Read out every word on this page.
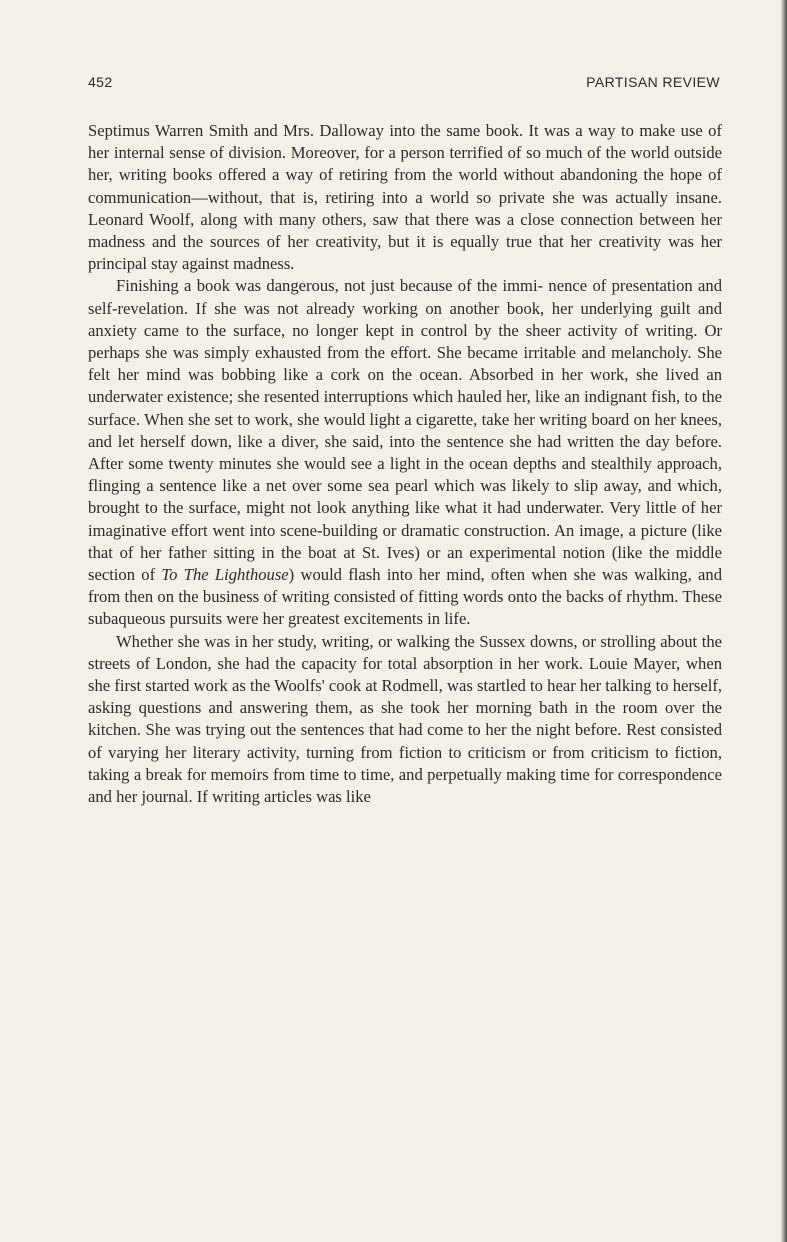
452	PARTISAN REVIEW

Septimus Warren Smith and Mrs. Dalloway into the same book. It was a way to make use of her internal sense of division. Moreover, for a person terrified of so much of the world outside her, writing books offered a way of retiring from the world without abandoning the hope of communication—without, that is, retiring into a world so private she was actually insane. Leonard Woolf, along with many others, saw that there was a close connection between her madness and the sources of her creativity, but it is equally true that her creativity was her principal stay against madness.

Finishing a book was dangerous, not just because of the immi- nence of presentation and self-revelation. If she was not already working on another book, her underlying guilt and anxiety came to the surface, no longer kept in control by the sheer activity of writing. Or perhaps she was simply exhausted from the effort. She became irritable and melancholy. She felt her mind was bobbing like a cork on the ocean. Absorbed in her work, she lived an underwater existence; she resented interruptions which hauled her, like an indignant fish, to the surface. When she set to work, she would light a cigarette, take her writing board on her knees, and let herself down, like a diver, she said, into the sentence she had written the day before. After some twenty minutes she would see a light in the ocean depths and stealthily approach, flinging a sentence like a net over some sea pearl which was likely to slip away, and which, brought to the surface, might not look anything like what it had underwater. Very little of her imaginative effort went into scene-building or dramatic construction. An image, a picture (like that of her father sitting in the boat at St. Ives) or an experimental notion (like the middle section of To The Lighthouse) would flash into her mind, often when she was walking, and from then on the business of writing consisted of fitting words onto the backs of rhythm. These subaqueous pursuits were her greatest excitements in life.

Whether she was in her study, writing, or walking the Sussex downs, or strolling about the streets of London, she had the capacity for total absorption in her work. Louie Mayer, when she first started work as the Woolfs' cook at Rodmell, was startled to hear her talking to herself, asking questions and answering them, as she took her morning bath in the room over the kitchen. She was trying out the sentences that had come to her the night before. Rest consisted of varying her literary activity, turning from fiction to criticism or from criticism to fiction, taking a break for memoirs from time to time, and perpetually making time for correspondence and her journal. If writing articles was like
